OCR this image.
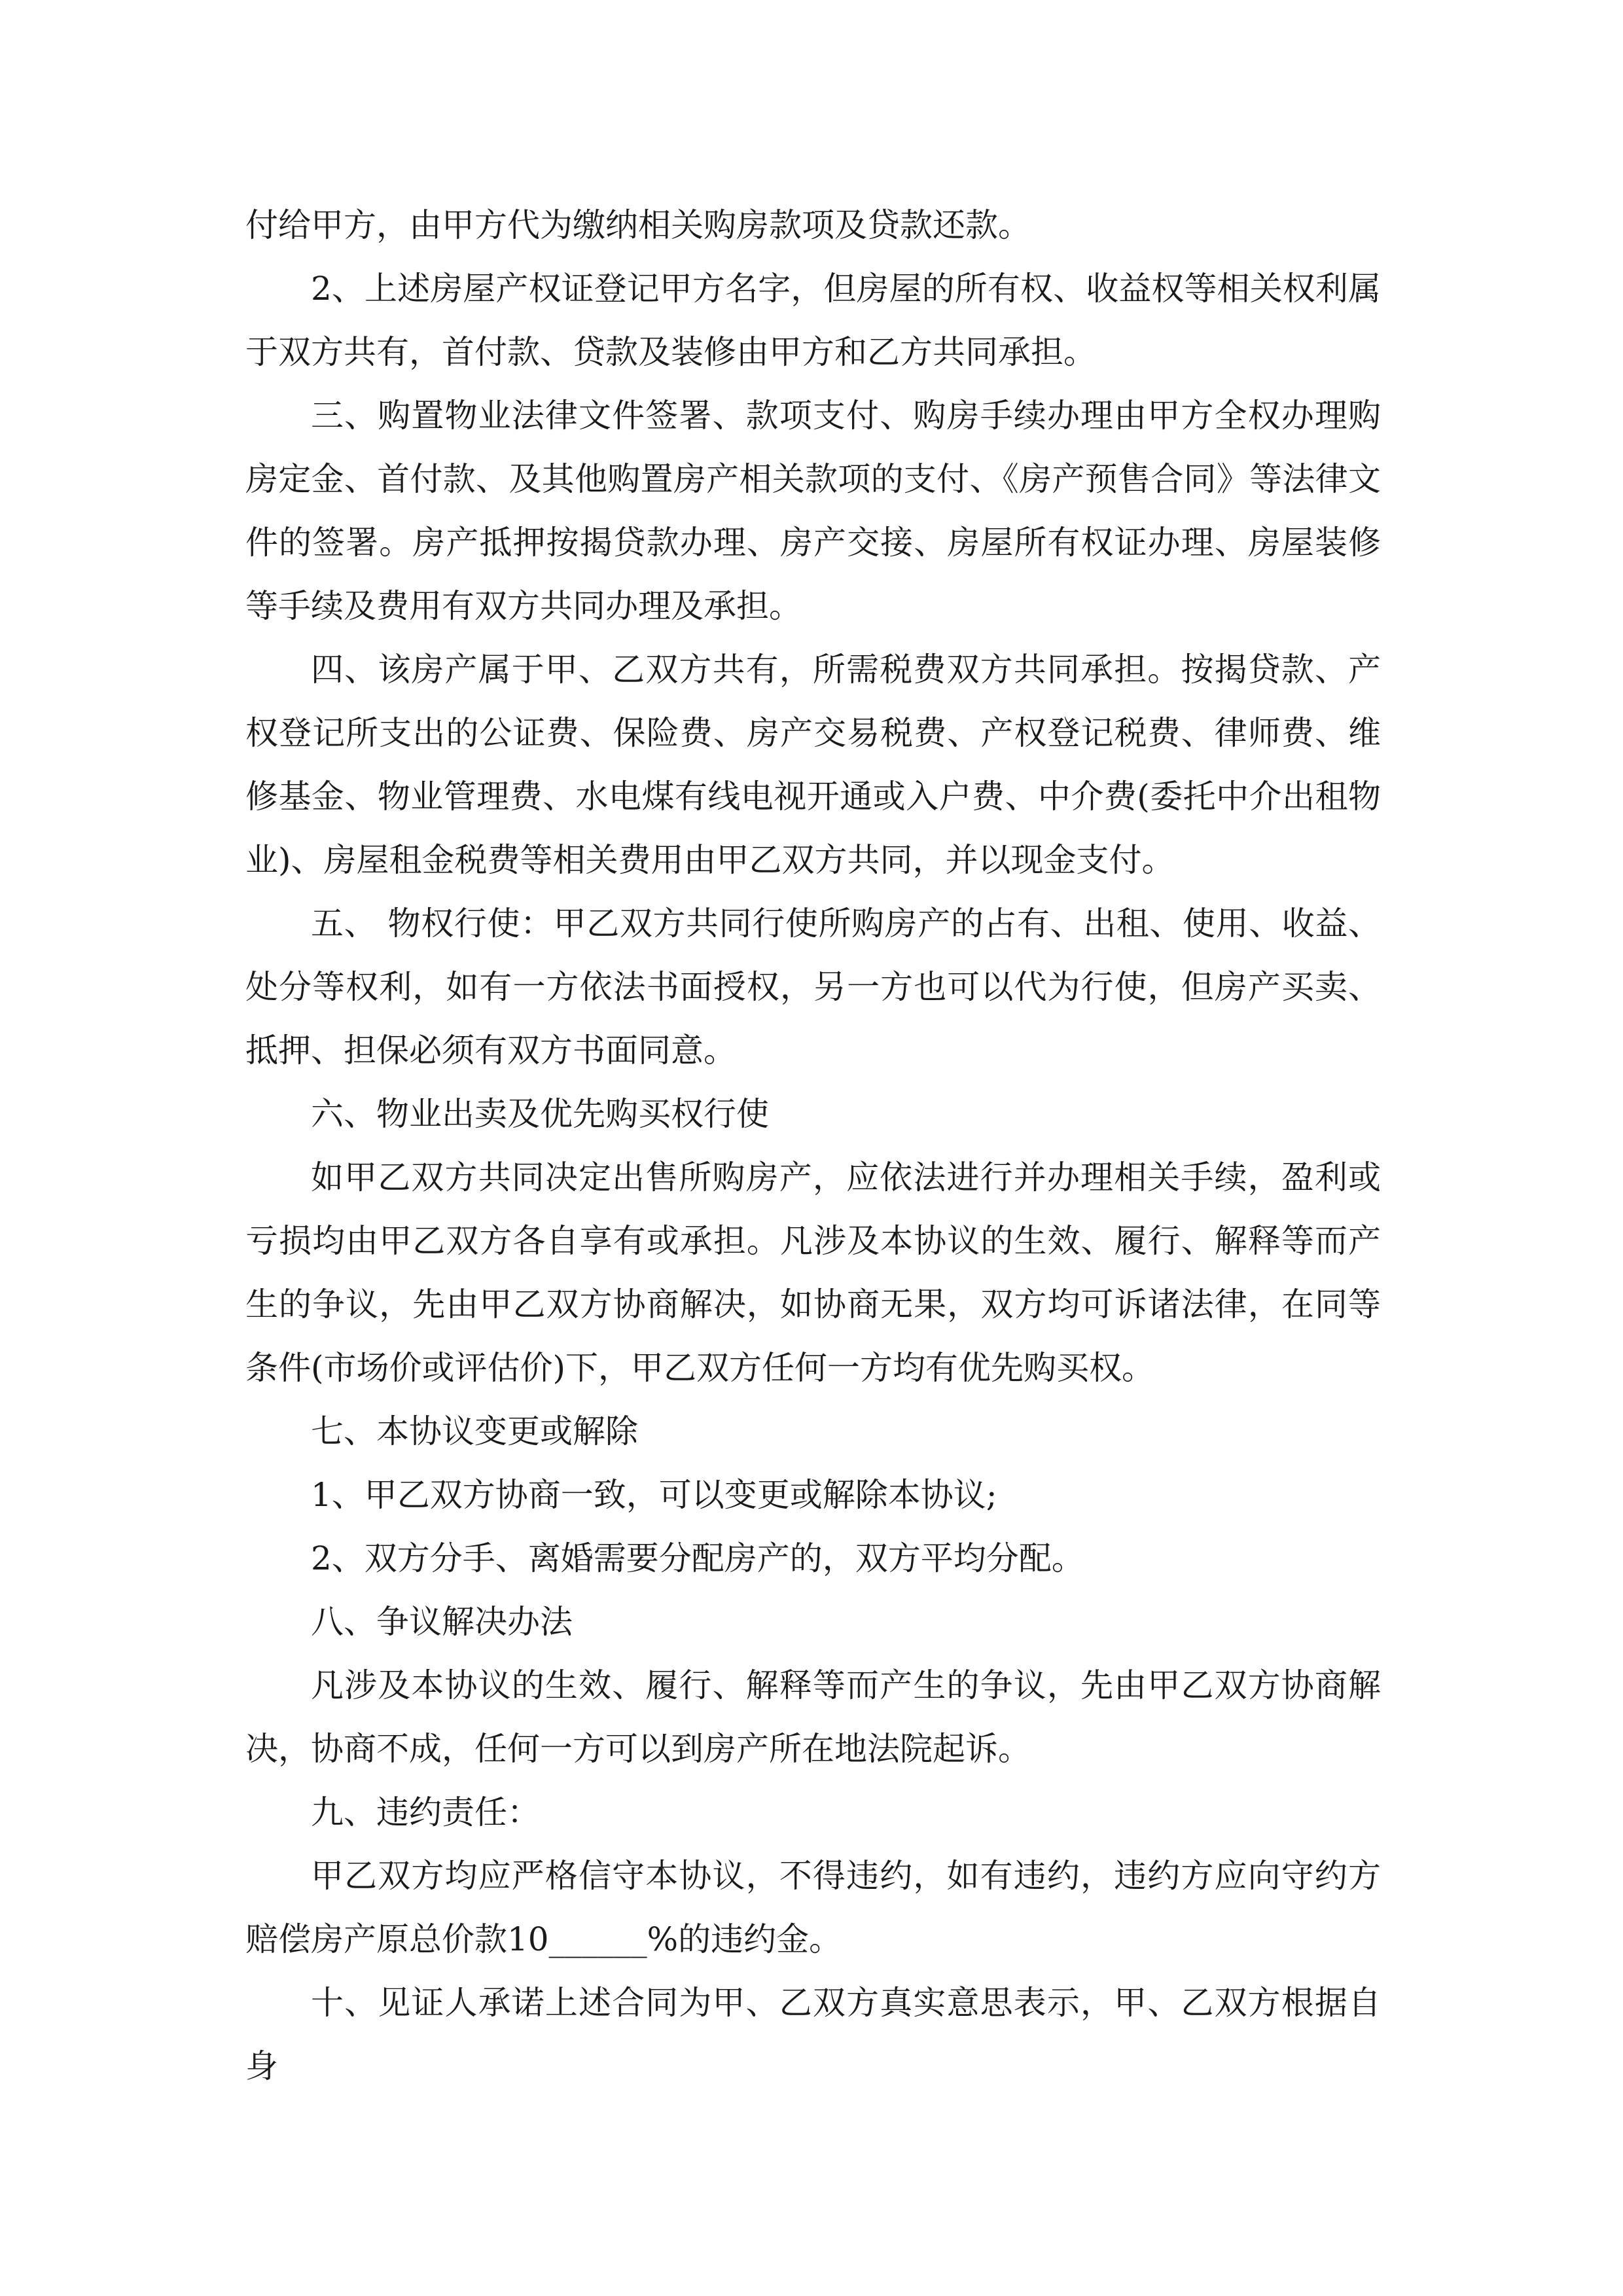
付给甲方，由甲方代为缴纳相关购房款项及贷款还款。

2、上述房屋产权证登记甲方名字，但房屋的所有权、收益权等相关权利属于双方共有，首付款、贷款及装修由甲方和乙方共同承担。

三、购置物业法律文件签署、款项支付、购房手续办理由甲方全权办理购房定金、首付款、及其他购置房产相关款项的支付、《房产预售合同》等法律文件的签署。房产抵押按揭贷款办理、房产交接、房屋所有权证办理、房屋装修等手续及费用有双方共同办理及承担。

四、该房产属于甲、乙双方共有，所需税费双方共同承担。按揭贷款、产权登记所支出的公证费、保险费、房产交易税费、产权登记税费、律师费、维修基金、物业管理费、水电煤有线电视开通或入户费、中介费(委托中介出租物业)、房屋租金税费等相关费用由甲乙双方共同，并以现金支付。

五、 物权行使：甲乙双方共同行使所购房产的占有、出租、使用、收益、处分等权利，如有一方依法书面授权，另一方也可以代为行使，但房产买卖、抵押、担保必须有双方书面同意。

六、物业出卖及优先购买权行使

如甲乙双方共同决定出售所购房产，应依法进行并办理相关手续，盈利或亏损均由甲乙双方各自享有或承担。凡涉及本协议的生效、履行、解释等而产生的争议，先由甲乙双方协商解决，如协商无果，双方均可诉诸法律，在同等条件(市场价或评估价)下，甲乙双方任何一方均有优先购买权。

七、本协议变更或解除

1、甲乙双方协商一致，可以变更或解除本协议;

2、双方分手、离婚需要分配房产的，双方平均分配。

八、争议解决办法

凡涉及本协议的生效、履行、解释等而产生的争议，先由甲乙双方协商解决，协商不成，任何一方可以到房产所在地法院起诉。

九、违约责任：

甲乙双方均应严格信守本协议，不得违约，如有违约，违约方应向守约方赔偿房产原总价款10______%的违约金。

十、见证人承诺上述合同为甲、乙双方真实意思表示，甲、乙双方根据自身
